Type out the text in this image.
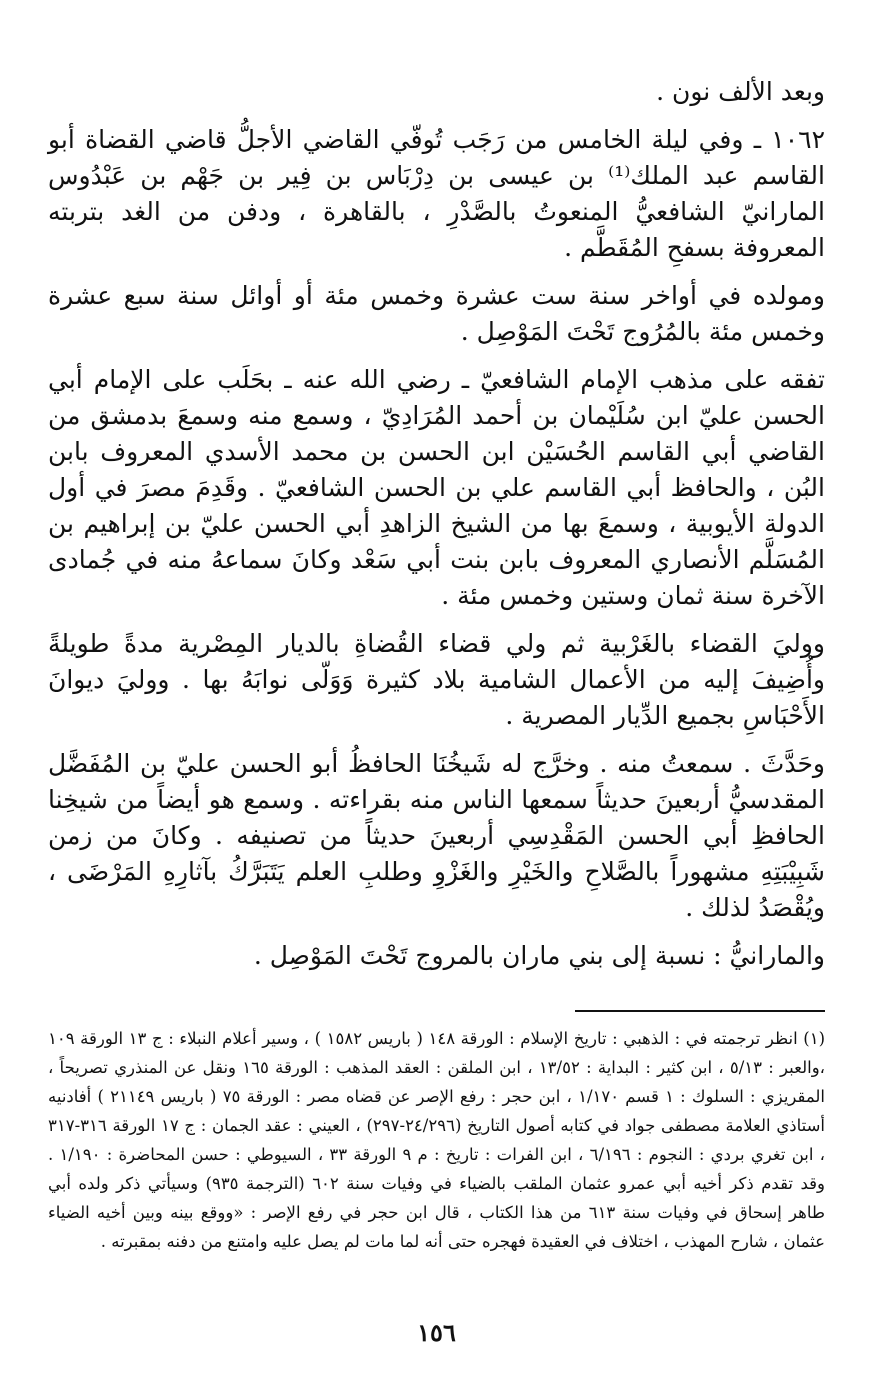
وبعد الألف نون .

١٠٦٢ ـ وفي ليلة الخامس من رَجَب تُوفّي القاضي الأجلُّ قاضي القضاة أبو القاسم عبد الملك⁽¹⁾ بن عيسى بن دِرْبَاس بن فِير بن جَهْم بن عَبْدُوس المارانيّ الشافعيُّ المنعوتُ بالصَّدْرِ ، بالقاهرة ، ودفن من الغد بتربته المعروفة بسفحِ المُقَطَّم .

ومولده في أواخر سنة ست عشرة وخمس مئة أو أوائل سنة سبع عشرة وخمس مئة بالمُرُوج تَحْتَ المَوْصِل .

تفقه على مذهب الإمام الشافعيّ ـ رضي الله عنه ـ بحَلَب على الإمام أبي الحسن عليّ ابن سُلَيْمان بن أحمد المُرَادِيّ ، وسمع منه وسمعَ بدمشق من القاضي أبي القاسم الحُسَيْن ابن الحسن بن محمد الأسدي المعروف بابن البُن ، والحافظ أبي القاسم علي بن الحسن الشافعيّ . وقَدِمَ مصرَ في أول الدولة الأيوبية ، وسمعَ بها من الشيخ الزاهدِ أبي الحسن عليّ بن إبراهيم بن المُسَلَّم الأنصاري المعروف بابن بنت أبي سَعْد وكانَ سماعهُ منه في جُمادى الآخرة سنة ثمان وستين وخمس مئة .

ووليَ القضاء بالغَرْبية ثم ولي قضاء القُضاةِ بالديار المِصْرية مدةً طويلةً وأُضِيفَ إليه من الأعمال الشامية بلاد كثيرة وَوَلّى نوابَهُ بها . ووليَ ديوانَ الأَحْبَاسِ بجميع الدِّيار المصرية .

وحَدَّثَ . سمعتُ منه . وخرَّج له شَيخُنَا الحافظُ أبو الحسن عليّ بن المُفَضَّل المقدسيُّ أربعينَ حديثاً سمعها الناس منه بقراءته . وسمع هو أيضاً من شيخِنا الحافظِ أبي الحسن المَقْدِسِي أربعينَ حديثاً من تصنيفه . وكانَ من زمن شَبِيْبَتِهِ مشهوراً بالصَّلاحِ والخَيْرِ والغَزْوِ وطلبِ العلم يَتَبَرَّكُ بآثارِهِ المَرْضَى ، ويُقْصَدُ لذلك .

والمارانيُّ : نسبة إلى بني ماران بالمروج تَحْتَ المَوْصِل .

(١) انظر ترجمته في : الذهبي : تاريخ الإسلام : الورقة ١٤٨ ( باريس ١٥٨٢ ) ، وسير أعلام النبلاء : ج ١٣ الورقة ١٠٩ ،والعبر : ٥/١٣ ، ابن كثير : البداية : ١٣/٥٢ ، ابن الملقن : العقد المذهب : الورقة ١٦٥ ونقل عن المنذري تصريحاً ، المقريزي : السلوك : ١ قسم ١/١٧٠ ، ابن حجر : رفع الإصر عن قضاه مصر : الورقة ٧٥ ( باريس ٢١١٤٩ ) أفادنيه أستاذي العلامة مصطفى جواد في كتابه أصول التاريخ (٢٤/٢٩٦-٢٩٧) ، العيني : عقد الجمان : ج ١٧ الورقة ٣١٦-٣١٧ ، ابن تغري بردي : النجوم : ٦/١٩٦ ، ابن الفرات : تاريخ : م ٩ الورقة ٣٣ ، السيوطي : حسن المحاضرة : ١/١٩٠ . وقد تقدم ذكر أخيه أبي عمرو عثمان الملقب بالضياء في وفيات سنة ٦٠٢ (الترجمة ٩٣٥) وسيأتي ذكر ولده أبي طاهر إسحاق في وفيات سنة ٦١٣ من هذا الكتاب ، قال ابن حجر في رفع الإصر : «ووقع بينه وبين أخيه الضياء عثمان ، شارح المهذب ، اختلاف في العقيدة فهجره حتى أنه لما مات لم يصل عليه وامتنع من دفنه بمقبرته .

١٥٦
